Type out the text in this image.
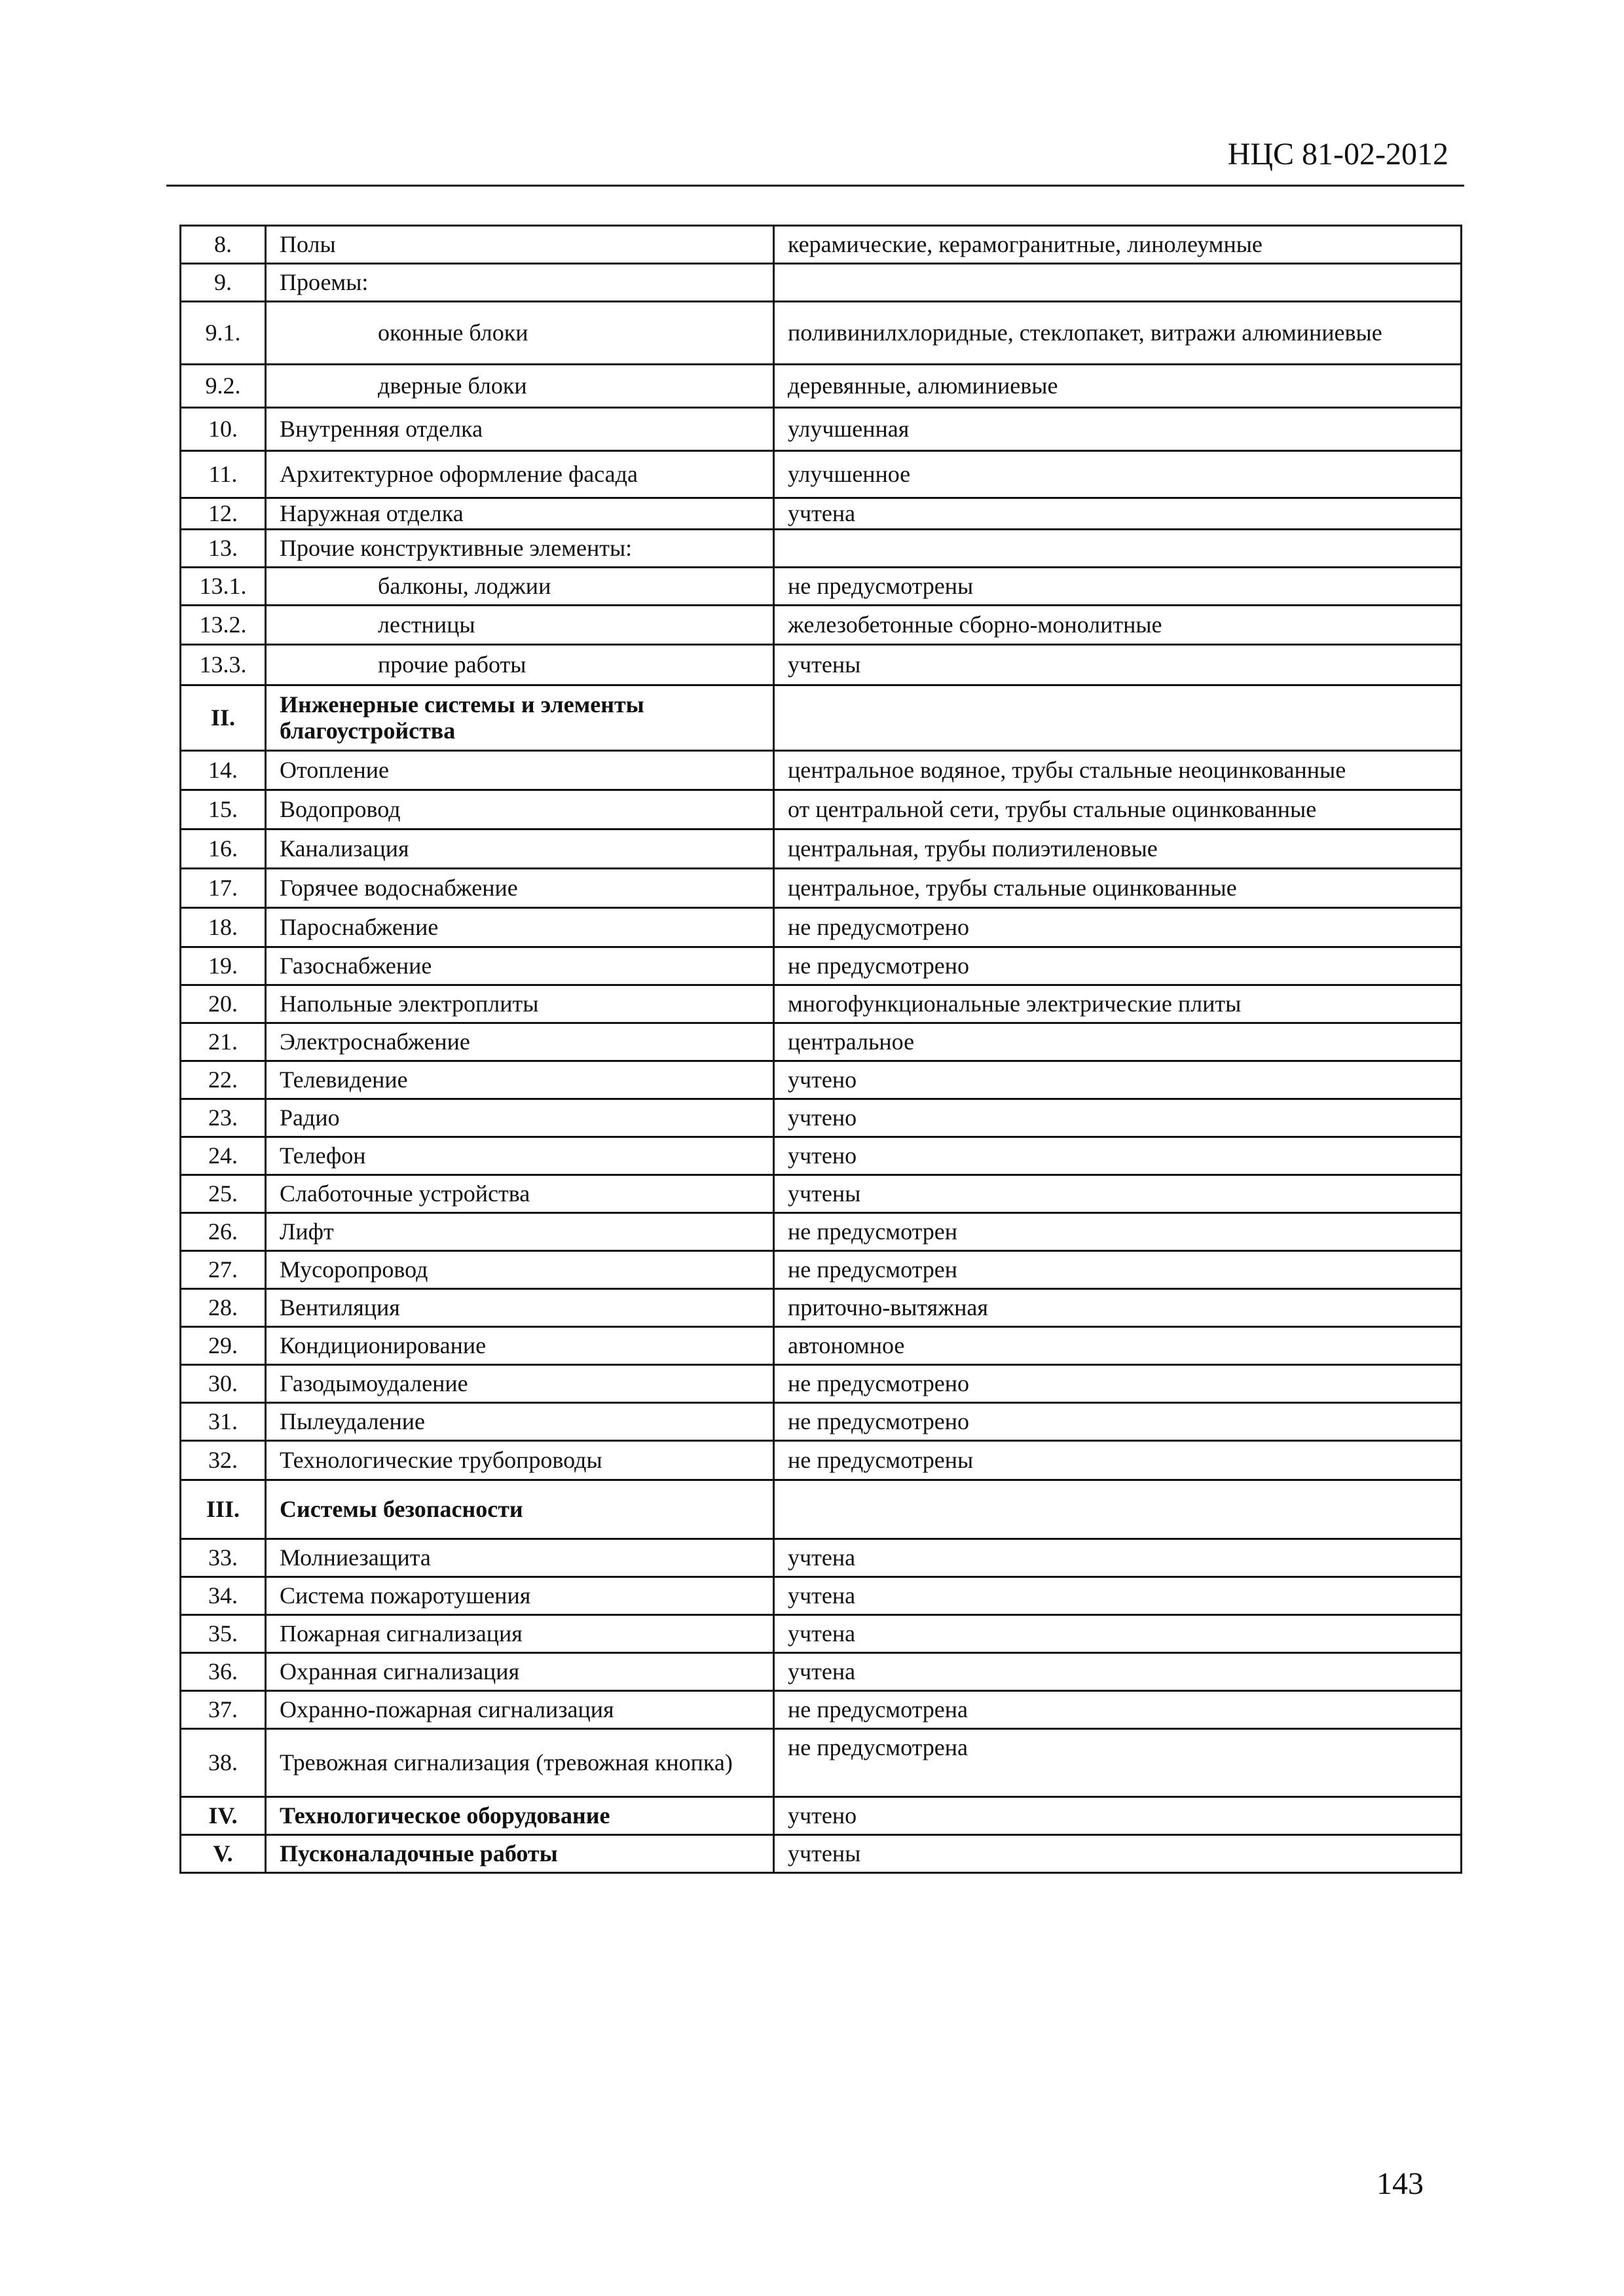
НЦС 81-02-2012
8.	Полы	керамические, керамогранитные, линолеумные
9.	Проемы:	
9.1.	оконные блоки	поливинилхлоридные, стеклопакет, витражи алюминиевые
9.2.	дверные блоки	деревянные, алюминиевые
10.	Внутренняя отделка	улучшенная
11.	Архитектурное оформление фасада	улучшенное
12.	Наружная отделка	учтена
13.	Прочие конструктивные элементы:	
13.1.	балконы, лоджии	не предусмотрены
13.2.	лестницы	железобетонные сборно-монолитные
13.3.	прочие работы	учтены
II.	Инженерные системы и элементы благоустройства	
14.	Отопление	центральное водяное, трубы стальные неоцинкованные
15.	Водопровод	от центральной сети, трубы стальные оцинкованные
16.	Канализация	центральная, трубы полиэтиленовые
17.	Горячее водоснабжение	центральное, трубы стальные оцинкованные
18.	Пароснабжение	не предусмотрено
19.	Газоснабжение	не предусмотрено
20.	Напольные электроплиты	многофункциональные электрические плиты
21.	Электроснабжение	центральное
22.	Телевидение	учтено
23.	Радио	учтено
24.	Телефон	учтено
25.	Слаботочные устройства	учтены
26.	Лифт	не предусмотрен
27.	Мусоропровод	не предусмотрен
28.	Вентиляция	приточно-вытяжная
29.	Кондиционирование	автономное
30.	Газодымоудаление	не предусмотрено
31.	Пылеудаление	не предусмотрено
32.	Технологические трубопроводы	не предусмотрены
III.	Системы безопасности	
33.	Молниезащита	учтена
34.	Система пожаротушения	учтена
35.	Пожарная сигнализация	учтена
36.	Охранная сигнализация	учтена
37.	Охранно-пожарная сигнализация	не предусмотрена
38.	Тревожная сигнализация (тревожная кнопка)	не предусмотрена
IV.	Технологическое оборудование	учтено
V.	Пусконаладочные работы	учтены
143
